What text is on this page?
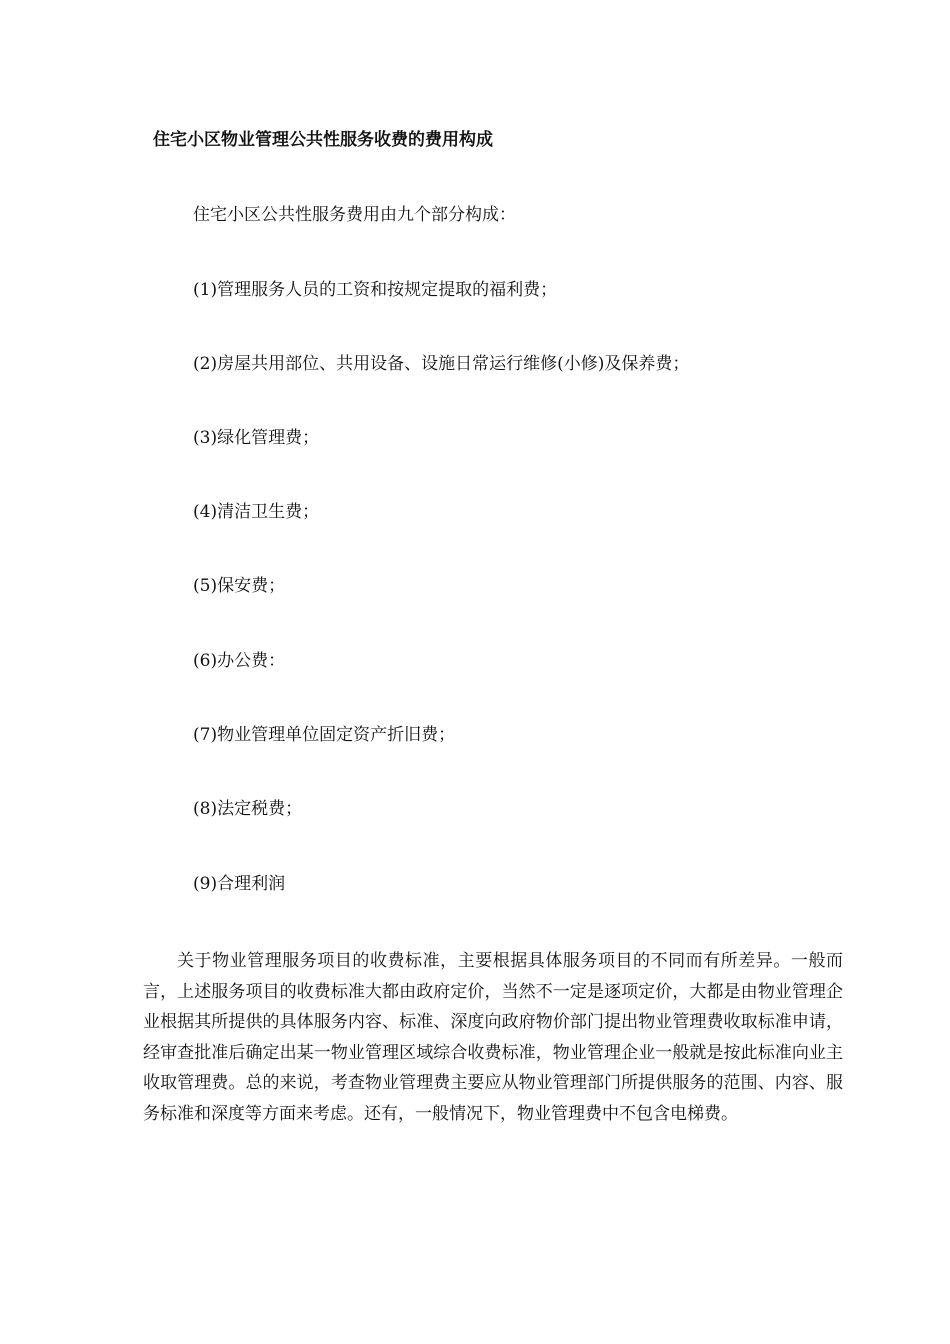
住宅小区物业管理公共性服务收费的费用构成
住宅小区公共性服务费用由九个部分构成：
(1)管理服务人员的工资和按规定提取的福利费；
(2)房屋共用部位、共用设备、设施日常运行维修(小修)及保养费；
(3)绿化管理费；
(4)清洁卫生费；
(5)保安费；
(6)办公费：
(7)物业管理单位固定资产折旧费；
(8)法定税费；
(9)合理利润
关于物业管理服务项目的收费标准，主要根据具体服务项目的不同而有所差异。一般而言，上述服务项目的收费标准大都由政府定价，当然不一定是逐项定价，大都是由物业管理企业根据其所提供的具体服务内容、标准、深度向政府物价部门提出物业管理费收取标准申请，经审查批准后确定出某一物业管理区域综合收费标准，物业管理企业一般就是按此标准向业主收取管理费。总的来说，考查物业管理费主要应从物业管理部门所提供服务的范围、内容、服务标准和深度等方面来考虑。还有，一般情况下，物业管理费中不包含电梯费。
